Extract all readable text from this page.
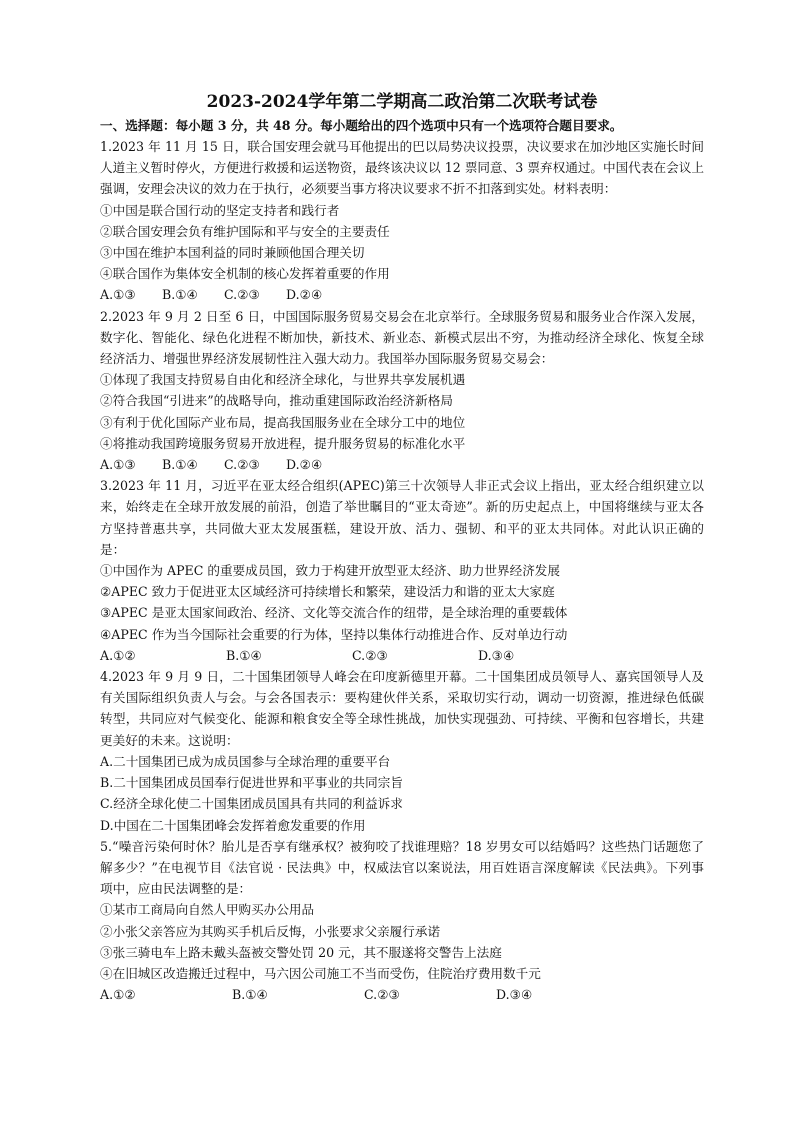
2023-2024学年第二学期高二政治第二次联考试卷
一、选择题：每小题 3 分，共 48 分。每小题给出的四个选项中只有一个选项符合题目要求。
1.2023 年 11 月 15 日，联合国安理会就马耳他提出的巴以局势决议投票，决议要求在加沙地区实施长时间人道主义暂时停火，方便进行救援和运送物资，最终该决议以 12 票同意、3 票弃权通过。中国代表在会议上强调，安理会决议的效力在于执行，必须要当事方将决议要求不折不扣落到实处。材料表明：
①中国是联合国行动的坚定支持者和践行者
②联合国安理会负有维护国际和平与安全的主要责任
③中国在维护本国利益的同时兼顾他国合理关切
④联合国作为集体安全机制的核心发挥着重要的作用
A.①③	B.①④	C.②③	D.②④
2.2023 年 9 月 2 日至 6 日，中国国际服务贸易交易会在北京举行。全球服务贸易和服务业合作深入发展，数字化、智能化、绿色化进程不断加快，新技术、新业态、新模式层出不穷，为推动经济全球化、恢复全球经济活力、增强世界经济发展韧性注入强大动力。我国举办国际服务贸易交易会：
①体现了我国支持贸易自由化和经济全球化，与世界共享发展机遇
②符合我国“引进来”的战略导向，推动重建国际政治经济新格局
③有利于优化国际产业布局，提高我国服务业在全球分工中的地位
④将推动我国跨境服务贸易开放进程，提升服务贸易的标准化水平
A.①③	B.①④	C.②③	D.②④
3.2023 年 11 月，习近平在亚太经合组织(APEC)第三十次领导人非正式会议上指出，亚太经合组织建立以来，始终走在全球开放发展的前沿，创造了举世瞩目的“亚太奇迹”。新的历史起点上，中国将继续与亚太各方坚持普惠共享，共同做大亚太发展蛋糕，建设开放、活力、强韧、和平的亚太共同体。对此认识正确的是：
①中国作为 APEC 的重要成员国，致力于构建开放型亚太经济、助力世界经济发展
②APEC 致力于促进亚太区域经济可持续增长和繁荣，建设活力和谐的亚太大家庭
③APEC 是亚太国家间政治、经济、文化等交流合作的纽带，是全球治理的重要载体
④APEC 作为当今国际社会重要的行为体，坚持以集体行动推进合作、反对单边行动
A.①②	B.①④	C.②③	D.③④
4.2023 年 9 月 9 日，二十国集团领导人峰会在印度新德里开幕。二十国集团成员领导人、嘉宾国领导人及有关国际组织负责人与会。与会各国表示：要构建伙伴关系，采取切实行动，调动一切资源，推进绿色低碳转型，共同应对气候变化、能源和粮食安全等全球性挑战，加快实现强劲、可持续、平衡和包容增长，共建更美好的未来。这说明：
A.二十国集团已成为成员国参与全球治理的重要平台
B.二十国集团成员国奉行促进世界和平事业的共同宗旨
C.经济全球化使二十国集团成员国具有共同的利益诉求
D.中国在二十国集团峰会发挥着愈发重要的作用
5.“噪音污染何时休？胎儿是否享有继承权？被狗咬了找谁理赔？18 岁男女可以结婚吗？这些热门话题您了解多少？”在电视节目《法官说 · 民法典》中，权威法官以案说法，用百姓语言深度解读《民法典》。下列事项中，应由民法调整的是：
①某市工商局向自然人甲购买办公用品
②小张父亲答应为其购买手机后反悔，小张要求父亲履行承诺
③张三骑电车上路未戴头盔被交警处罚 20 元，其不服遂将交警告上法庭
④在旧城区改造搬迁过程中，马六因公司施工不当而受伤，住院治疗费用数千元
A.①②	B.①④	C.②③	D.③④
